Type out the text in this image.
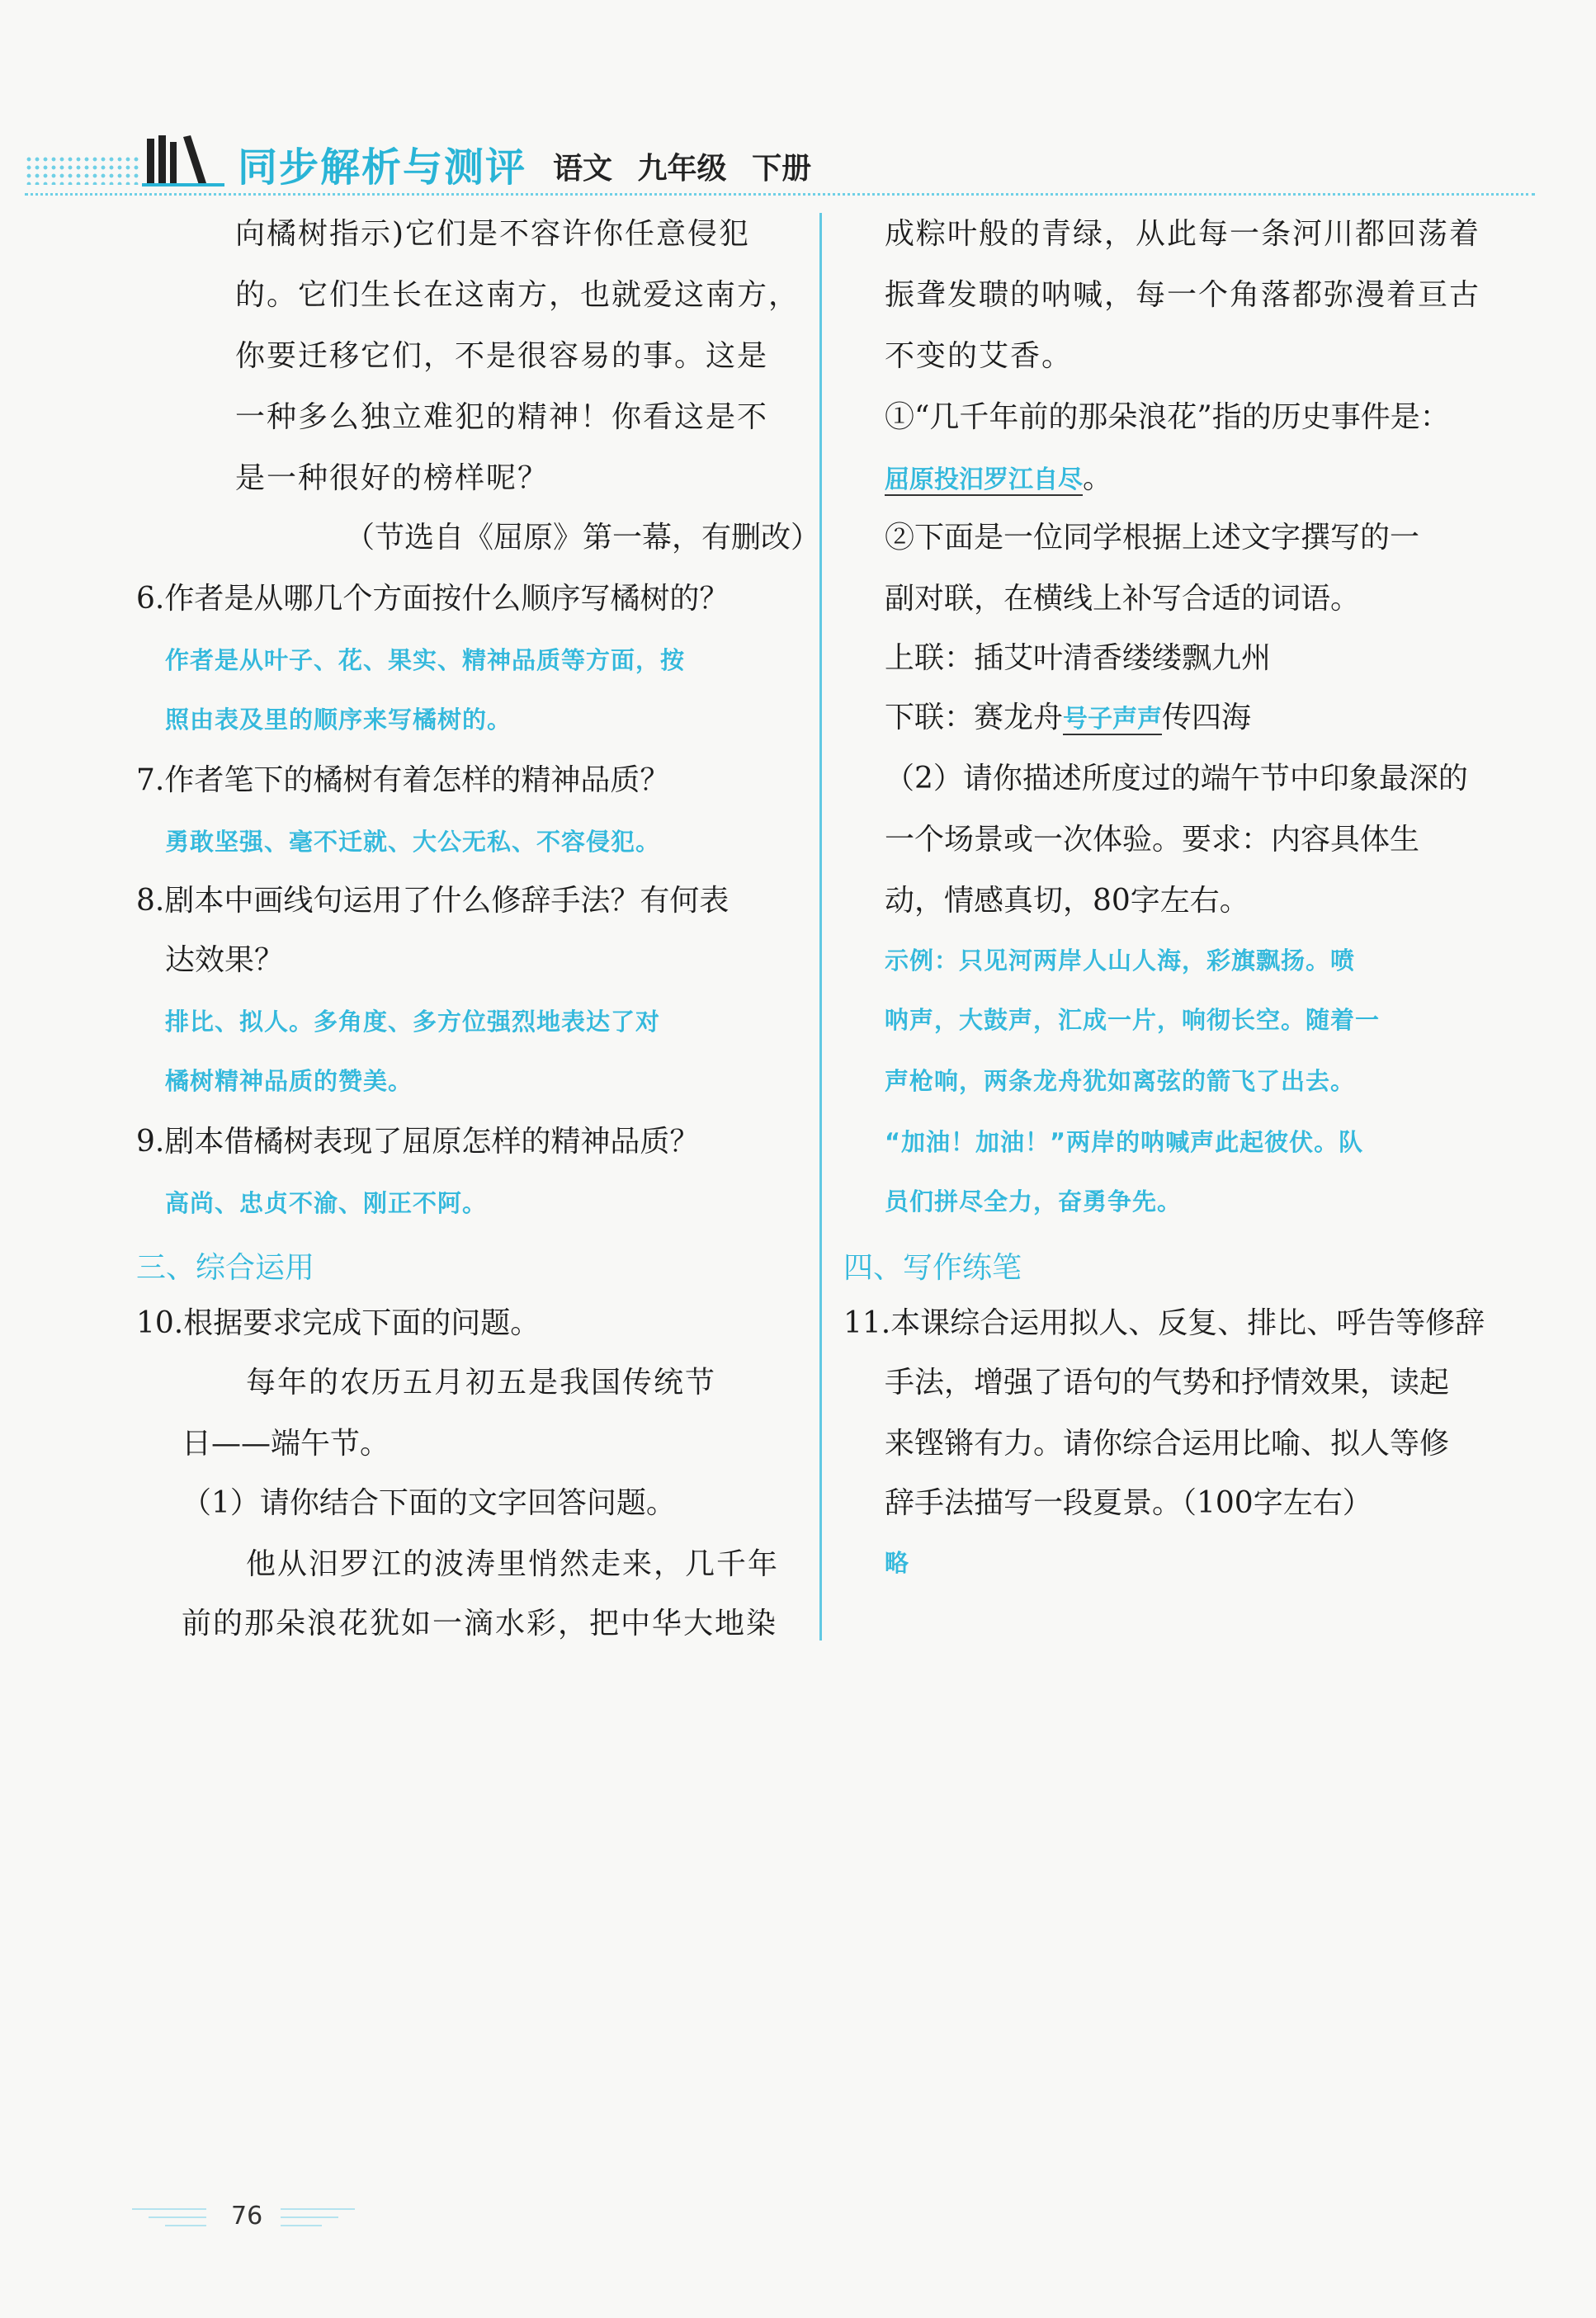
同步解析与测评 语文 九年级 下册
向橘树指示)它们是不容许你任意侵犯
的。它们生长在这南方，也就爱这南方，
你要迁移它们，不是很容易的事。这是
一种多么独立难犯的精神！你看这是不
是一种很好的榜样呢？
（节选自《屈原》第一幕，有删改）
6.作者是从哪几个方面按什么顺序写橘树的？
作者是从叶子、花、果实、精神品质等方面，按
照由表及里的顺序来写橘树的。
7.作者笔下的橘树有着怎样的精神品质？
勇敢坚强、毫不迁就、大公无私、不容侵犯。
8.剧本中画线句运用了什么修辞手法？有何表
达效果？
排比、拟人。多角度、多方位强烈地表达了对
橘树精神品质的赞美。
9.剧本借橘树表现了屈原怎样的精神品质？
高尚、忠贞不渝、刚正不阿。
三、综合运用
10.根据要求完成下面的问题。
每年的农历五月初五是我国传统节
日——端午节。
（1）请你结合下面的文字回答问题。
他从汨罗江的波涛里悄然走来，几千年
前的那朵浪花犹如一滴水彩，把中华大地染
成粽叶般的青绿，从此每一条河川都回荡着
振聋发聩的呐喊，每一个角落都弥漫着亘古
不变的艾香。
①“几千年前的那朵浪花”指的历史事件是：
屈原投汨罗江自尽。
②下面是一位同学根据上述文字撰写的一
副对联，在横线上补写合适的词语。
上联：插艾叶清香缕缕飘九州
下联：赛龙舟号子声声传四海
（2）请你描述所度过的端午节中印象最深的
一个场景或一次体验。要求：内容具体生
动，情感真切，80字左右。
示例：只见河两岸人山人海，彩旗飘扬。喷
呐声，大鼓声，汇成一片，响彻长空。随着一
声枪响，两条龙舟犹如离弦的箭飞了出去。
“加油！加油！”两岸的呐喊声此起彼伏。队
员们拼尽全力，奋勇争先。
四、写作练笔
11.本课综合运用拟人、反复、排比、呼告等修辞
手法，增强了语句的气势和抒情效果，读起
来铿锵有力。请你综合运用比喻、拟人等修
辞手法描写一段夏景。（100字左右）
略
76
